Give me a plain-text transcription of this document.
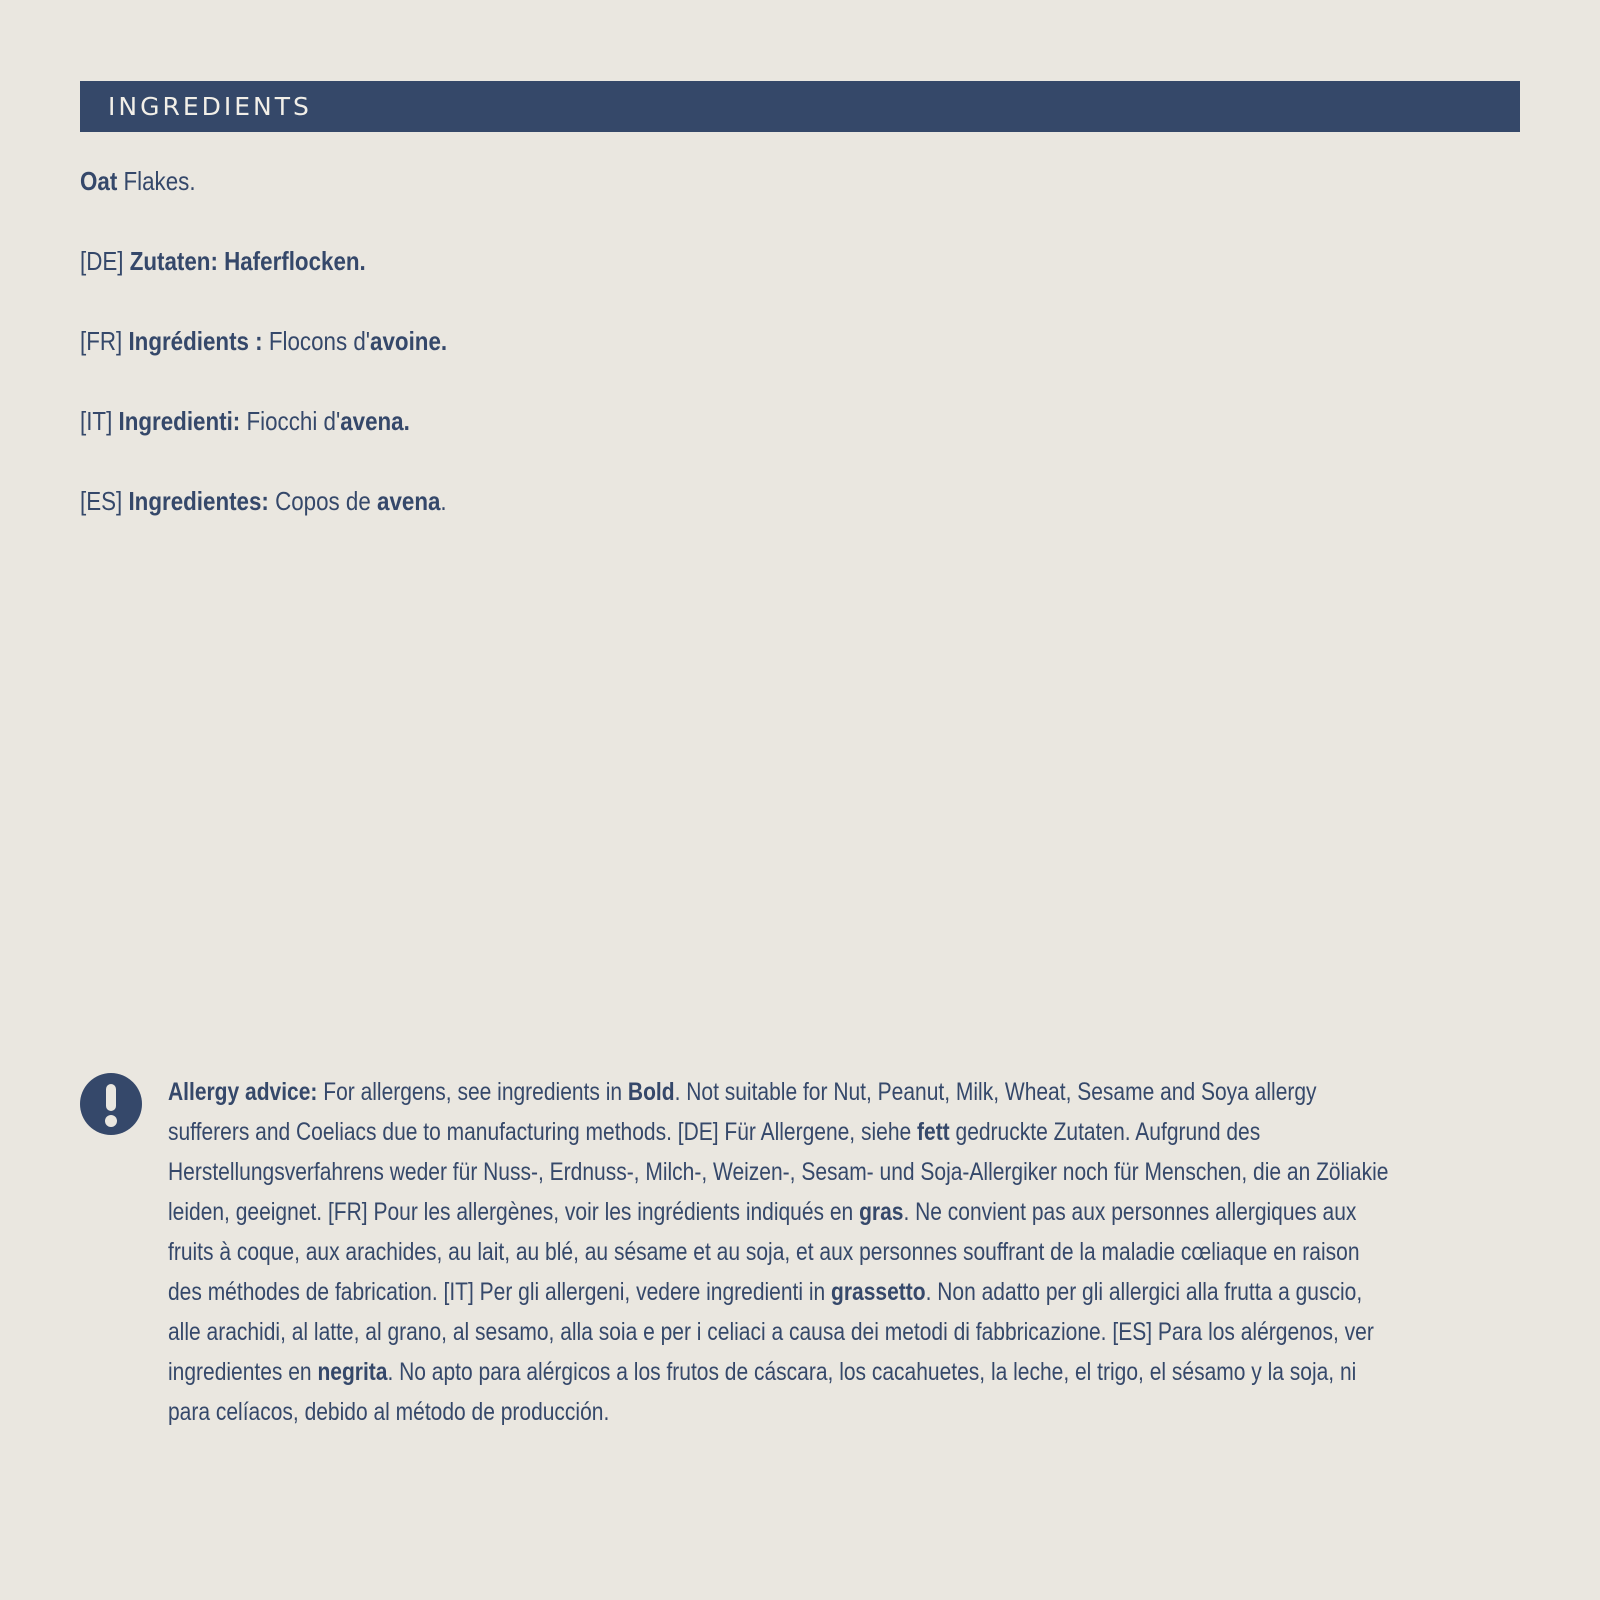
INGREDIENTS
Oat Flakes.
[DE] Zutaten: Haferflocken.
[FR] Ingrédients : Flocons d'avoine.
[IT] Ingredienti: Fiocchi d'avena.
[ES] Ingredientes: Copos de avena.
Allergy advice: For allergens, see ingredients in Bold. Not suitable for Nut, Peanut, Milk, Wheat, Sesame and Soya allergy
sufferers and Coeliacs due to manufacturing methods. [DE] Für Allergene, siehe fett gedruckte Zutaten. Aufgrund des
Herstellungsverfahrens weder für Nuss-, Erdnuss-, Milch-, Weizen-, Sesam- und Soja-Allergiker noch für Menschen, die an Zöliakie
leiden, geeignet. [FR] Pour les allergènes, voir les ingrédients indiqués en gras. Ne convient pas aux personnes allergiques aux
fruits à coque, aux arachides, au lait, au blé, au sésame et au soja, et aux personnes souffrant de la maladie cœliaque en raison
des méthodes de fabrication. [IT] Per gli allergeni, vedere ingredienti in grassetto. Non adatto per gli allergici alla frutta a guscio,
alle arachidi, al latte, al grano, al sesamo, alla soia e per i celiaci a causa dei metodi di fabbricazione. [ES] Para los alérgenos, ver
ingredientes en negrita. No apto para alérgicos a los frutos de cáscara, los cacahuetes, la leche, el trigo, el sésamo y la soja, ni
para celíacos, debido al método de producción.
